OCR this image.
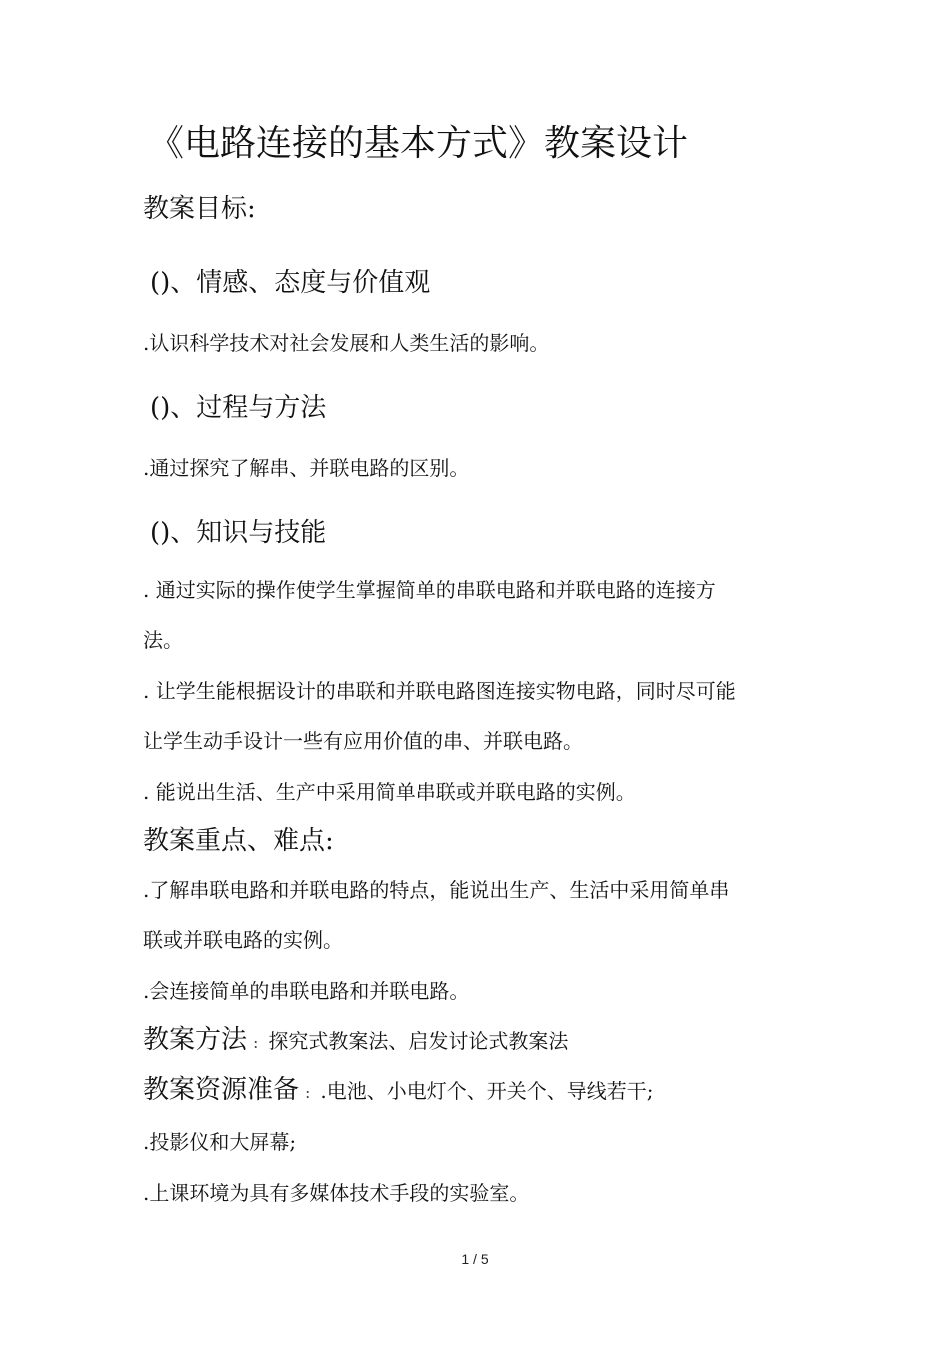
《电路连接的基本方式》教案设计
教案目标:
()、情感、态度与价值观
.认识科学技术对社会发展和人类生活的影响。
()、过程与方法
.通过探究了解串、并联电路的区别。
()、知识与技能
. 通过实际的操作使学生掌握简单的串联电路和并联电路的连接方
法。
. 让学生能根据设计的串联和并联电路图连接实物电路，同时尽可能
让学生动手设计一些有应用价值的串、并联电路。
. 能说出生活、生产中采用简单串联或并联电路的实例。
教案重点、难点:
.了解串联电路和并联电路的特点，能说出生产、生活中采用简单串
联或并联电路的实例。
.会连接简单的串联电路和并联电路。
教案方法 : 探究式教案法、启发讨论式教案法
教案资源准备 : .电池、小电灯个、开关个、导线若干;
.投影仪和大屏幕;
.上课环境为具有多媒体技术手段的实验室。
1 / 5
